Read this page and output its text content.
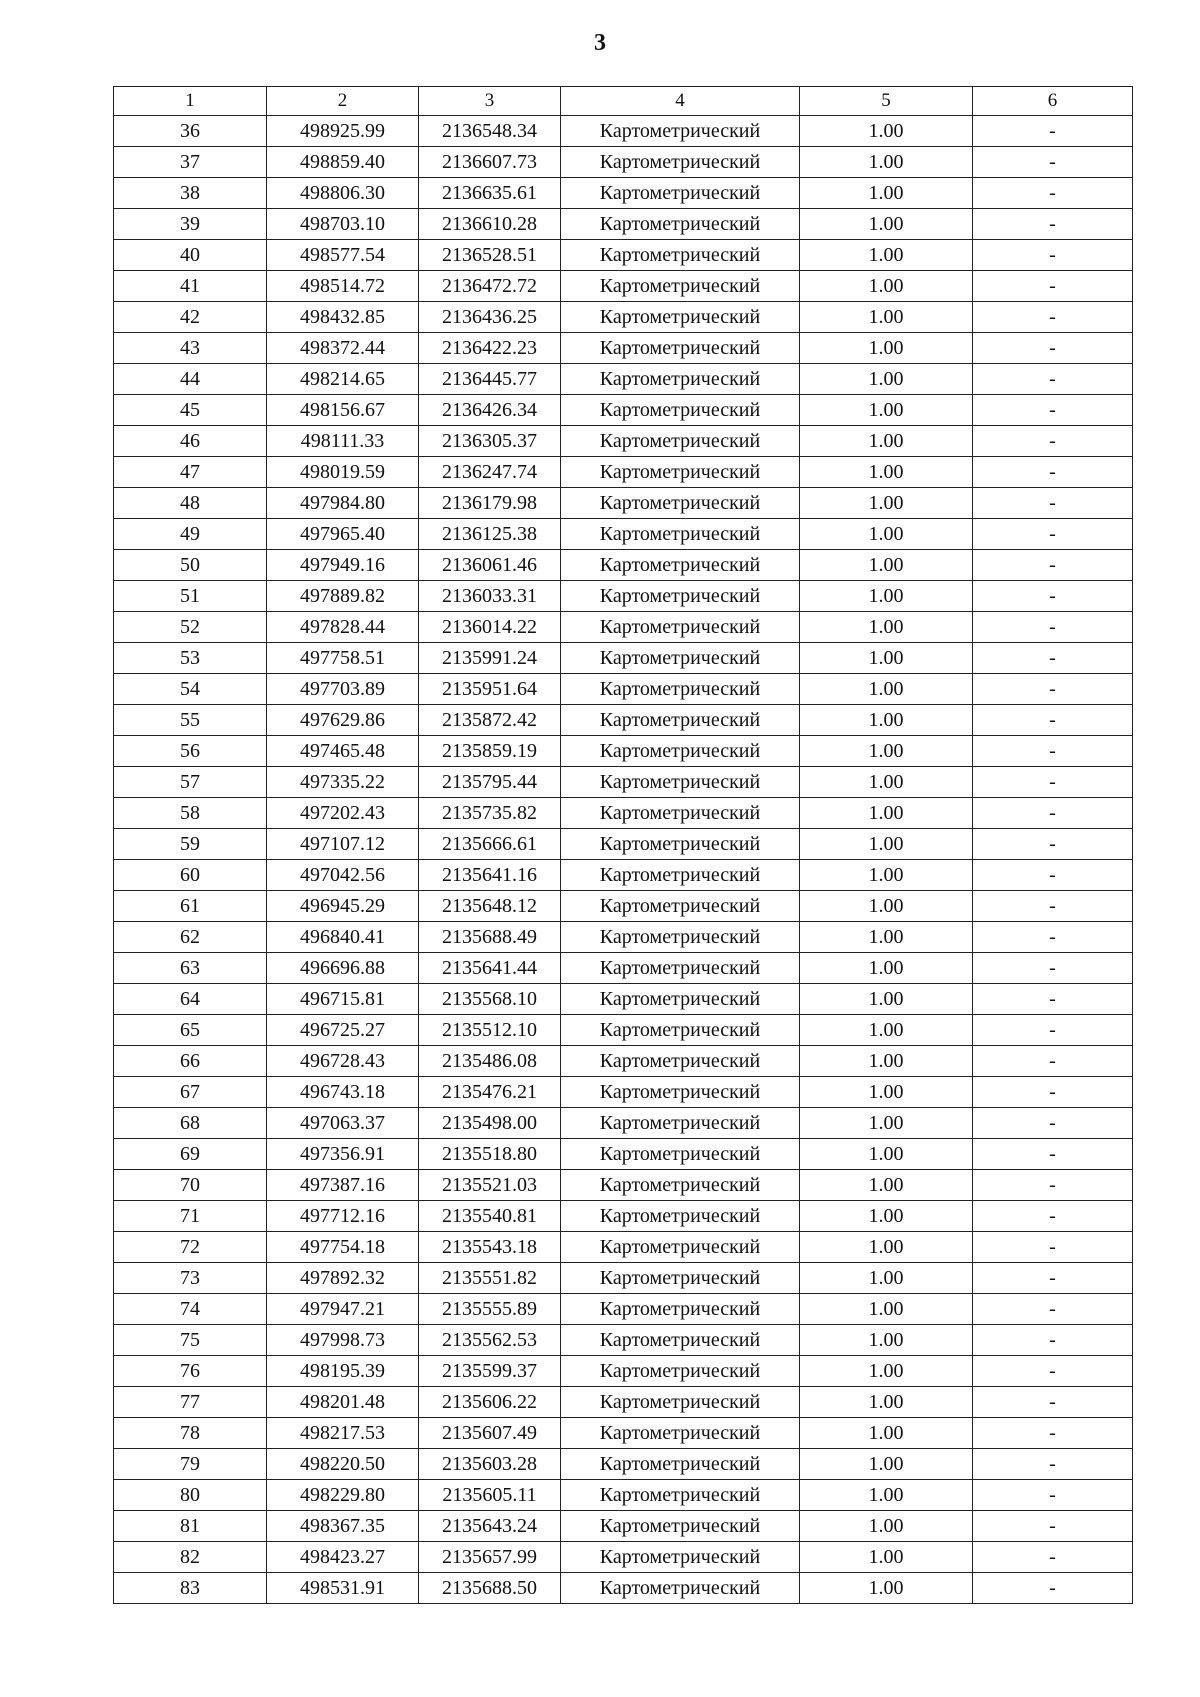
3
1	2	3	4	5	6
36	498925.99	2136548.34	Картометрический	1.00	-
37	498859.40	2136607.73	Картометрический	1.00	-
38	498806.30	2136635.61	Картометрический	1.00	-
39	498703.10	2136610.28	Картометрический	1.00	-
40	498577.54	2136528.51	Картометрический	1.00	-
41	498514.72	2136472.72	Картометрический	1.00	-
42	498432.85	2136436.25	Картометрический	1.00	-
43	498372.44	2136422.23	Картометрический	1.00	-
44	498214.65	2136445.77	Картометрический	1.00	-
45	498156.67	2136426.34	Картометрический	1.00	-
46	498111.33	2136305.37	Картометрический	1.00	-
47	498019.59	2136247.74	Картометрический	1.00	-
48	497984.80	2136179.98	Картометрический	1.00	-
49	497965.40	2136125.38	Картометрический	1.00	-
50	497949.16	2136061.46	Картометрический	1.00	-
51	497889.82	2136033.31	Картометрический	1.00	-
52	497828.44	2136014.22	Картометрический	1.00	-
53	497758.51	2135991.24	Картометрический	1.00	-
54	497703.89	2135951.64	Картометрический	1.00	-
55	497629.86	2135872.42	Картометрический	1.00	-
56	497465.48	2135859.19	Картометрический	1.00	-
57	497335.22	2135795.44	Картометрический	1.00	-
58	497202.43	2135735.82	Картометрический	1.00	-
59	497107.12	2135666.61	Картометрический	1.00	-
60	497042.56	2135641.16	Картометрический	1.00	-
61	496945.29	2135648.12	Картометрический	1.00	-
62	496840.41	2135688.49	Картометрический	1.00	-
63	496696.88	2135641.44	Картометрический	1.00	-
64	496715.81	2135568.10	Картометрический	1.00	-
65	496725.27	2135512.10	Картометрический	1.00	-
66	496728.43	2135486.08	Картометрический	1.00	-
67	496743.18	2135476.21	Картометрический	1.00	-
68	497063.37	2135498.00	Картометрический	1.00	-
69	497356.91	2135518.80	Картометрический	1.00	-
70	497387.16	2135521.03	Картометрический	1.00	-
71	497712.16	2135540.81	Картометрический	1.00	-
72	497754.18	2135543.18	Картометрический	1.00	-
73	497892.32	2135551.82	Картометрический	1.00	-
74	497947.21	2135555.89	Картометрический	1.00	-
75	497998.73	2135562.53	Картометрический	1.00	-
76	498195.39	2135599.37	Картометрический	1.00	-
77	498201.48	2135606.22	Картометрический	1.00	-
78	498217.53	2135607.49	Картометрический	1.00	-
79	498220.50	2135603.28	Картометрический	1.00	-
80	498229.80	2135605.11	Картометрический	1.00	-
81	498367.35	2135643.24	Картометрический	1.00	-
82	498423.27	2135657.99	Картометрический	1.00	-
83	498531.91	2135688.50	Картометрический	1.00	-
